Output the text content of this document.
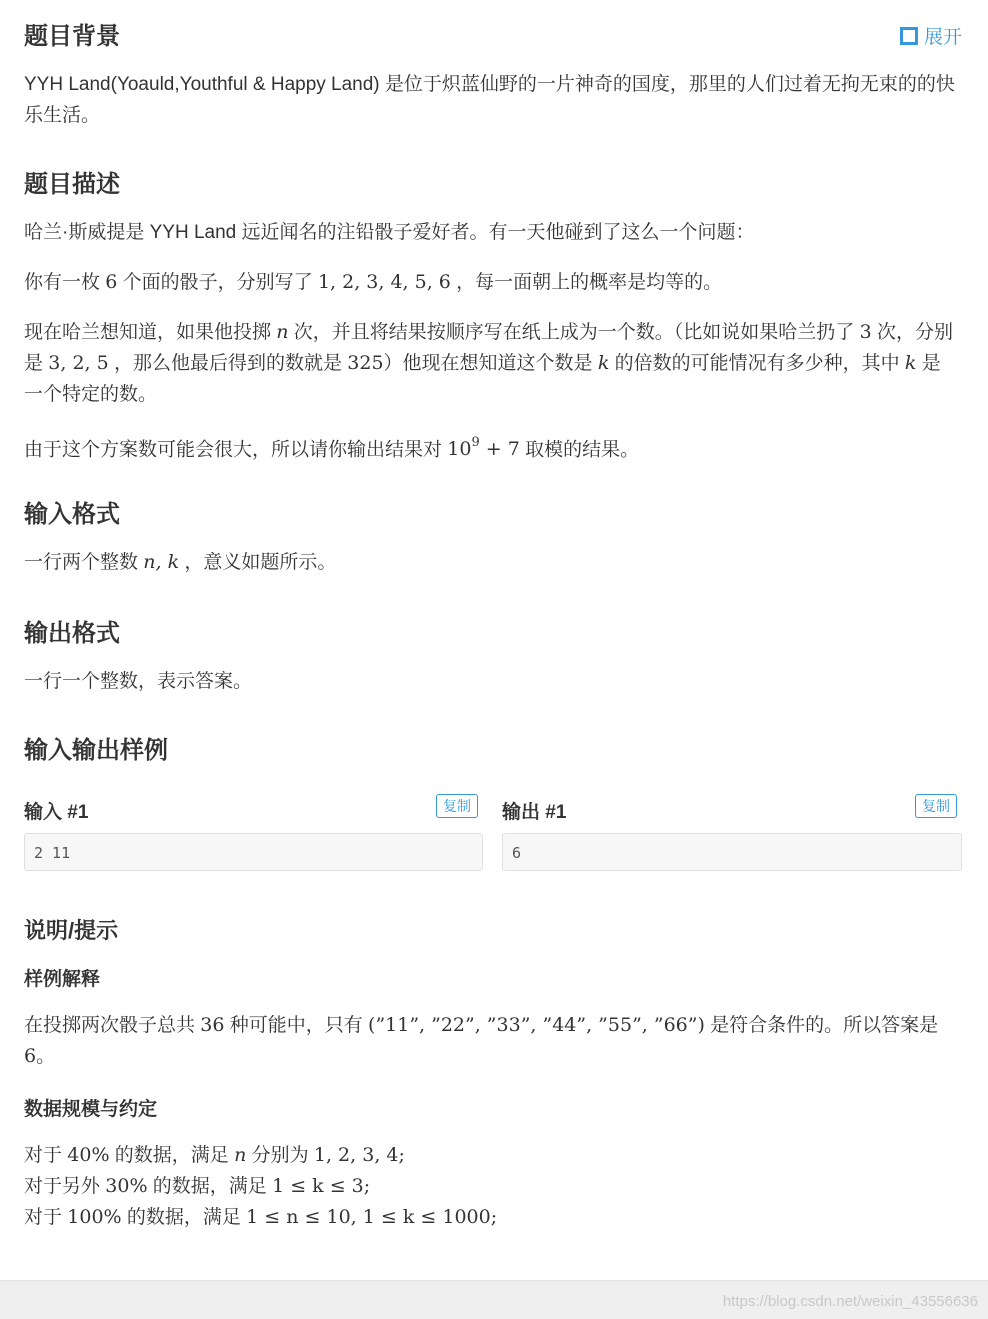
题目背景

YYH Land(Yoauld,Youthful & Happy Land) 是位于炽蓝仙野的一片神奇的国度，那里的人们过着无拘无束的的快乐生活。

题目描述

哈兰·斯威提是 YYH Land 远近闻名的注铅骰子爱好者。有一天他碰到了这么一个问题：

你有一枚 6 个面的骰子，分别写了 1, 2, 3, 4, 5, 6 ，每一面朝上的概率是均等的。

现在哈兰想知道，如果他投掷 n 次，并且将结果按顺序写在纸上成为一个数。（比如说如果哈兰扔了 3 次，分别是 3, 2, 5 ，那么他最后得到的数就是 325）他现在想知道这个数是 k 的倍数的可能情况有多少种，其中 k 是一个特定的数。

由于这个方案数可能会很大，所以请你输出结果对 $10^9 + 7$ 取模的结果。

输入格式

一行两个整数 n, k ，意义如题所示。

输出格式

一行一个整数，表示答案。

输入输出样例
输入 #1	复制
2 11
输出 #1	复制
6
说明/提示
样例解释

在投掷两次骰子总共 36 种可能中，只有 (”11”, ”22”, ”33”, ”44”, ”55”, ”66”) 是符合条件的。所以答案是 6。

数据规模与约定

对于 40% 的数据，满足 n 分别为 1, 2, 3, 4;

对于另外 30% 的数据，满足 1 ≤ k ≤ 3;

对于 100% 的数据，满足 1 ≤ n ≤ 10, 1 ≤ k ≤ 1000;

展开
https://blog.csdn.net/weixin_43556636
